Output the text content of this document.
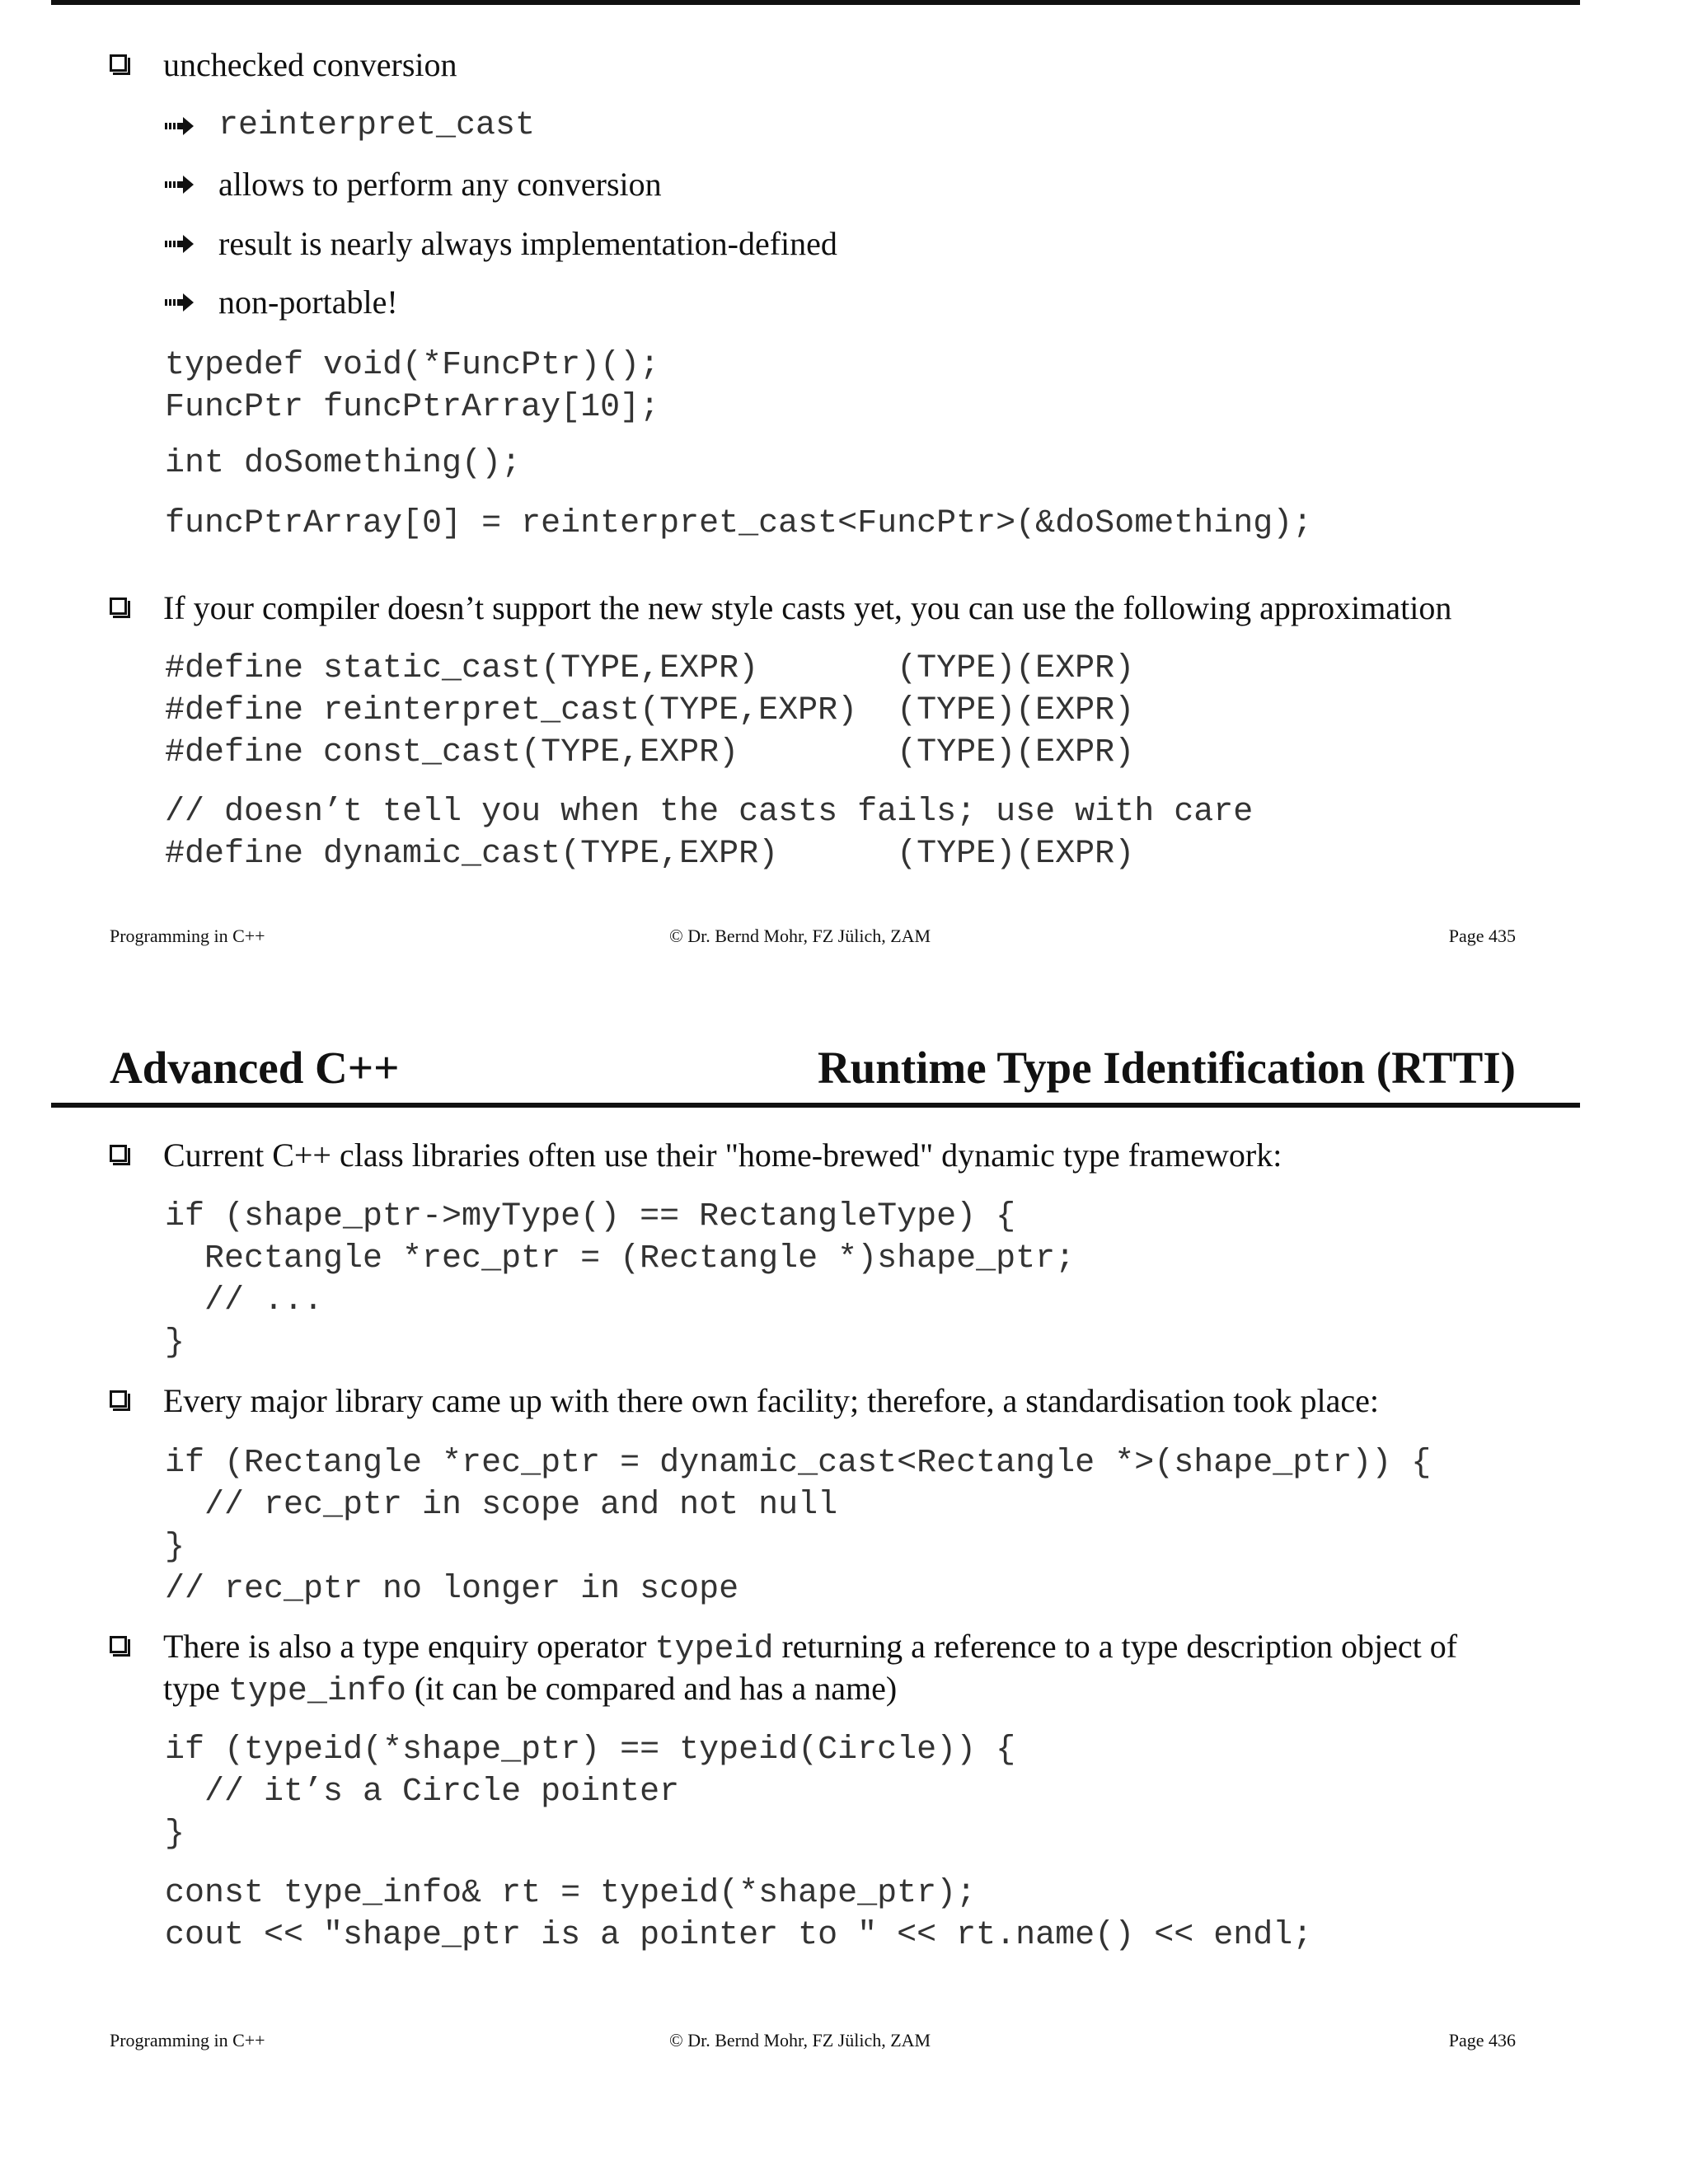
unchecked conversion
reinterpret_cast
allows to perform any conversion
result is nearly always implementation-defined
non-portable!
typedef void(*FuncPtr)();
FuncPtr funcPtrArray[10];
int doSomething();
funcPtrArray[0] = reinterpret_cast<FuncPtr>(&doSomething);
If your compiler doesn’t support the new style casts yet, you can use the following approximation
#define static_cast(TYPE,EXPR)       (TYPE)(EXPR)
#define reinterpret_cast(TYPE,EXPR)  (TYPE)(EXPR)
#define const_cast(TYPE,EXPR)        (TYPE)(EXPR)
// doesn’t tell you when the casts fails; use with care
#define dynamic_cast(TYPE,EXPR)      (TYPE)(EXPR)
Programming in C++	© Dr. Bernd Mohr, FZ Jülich, ZAM	Page 435
Advanced C++	Runtime Type Identification (RTTI)
Current C++ class libraries often use their "home-brewed" dynamic type framework:
if (shape_ptr->myType() == RectangleType) {
Rectangle *rec_ptr = (Rectangle *)shape_ptr;
// ...
}
Every major library came up with there own facility; therefore, a standardisation took place:
if (Rectangle *rec_ptr = dynamic_cast<Rectangle *>(shape_ptr)) {
// rec_ptr in scope and not null
}
// rec_ptr no longer in scope
There is also a type enquiry operator typeid returning a reference to a type description object of
type type_info (it can be compared and has a name)
if (typeid(*shape_ptr) == typeid(Circle)) {
// it’s a Circle pointer
}
const type_info& rt = typeid(*shape_ptr);
cout << "shape_ptr is a pointer to " << rt.name() << endl;
Programming in C++	© Dr. Bernd Mohr, FZ Jülich, ZAM	Page 436
